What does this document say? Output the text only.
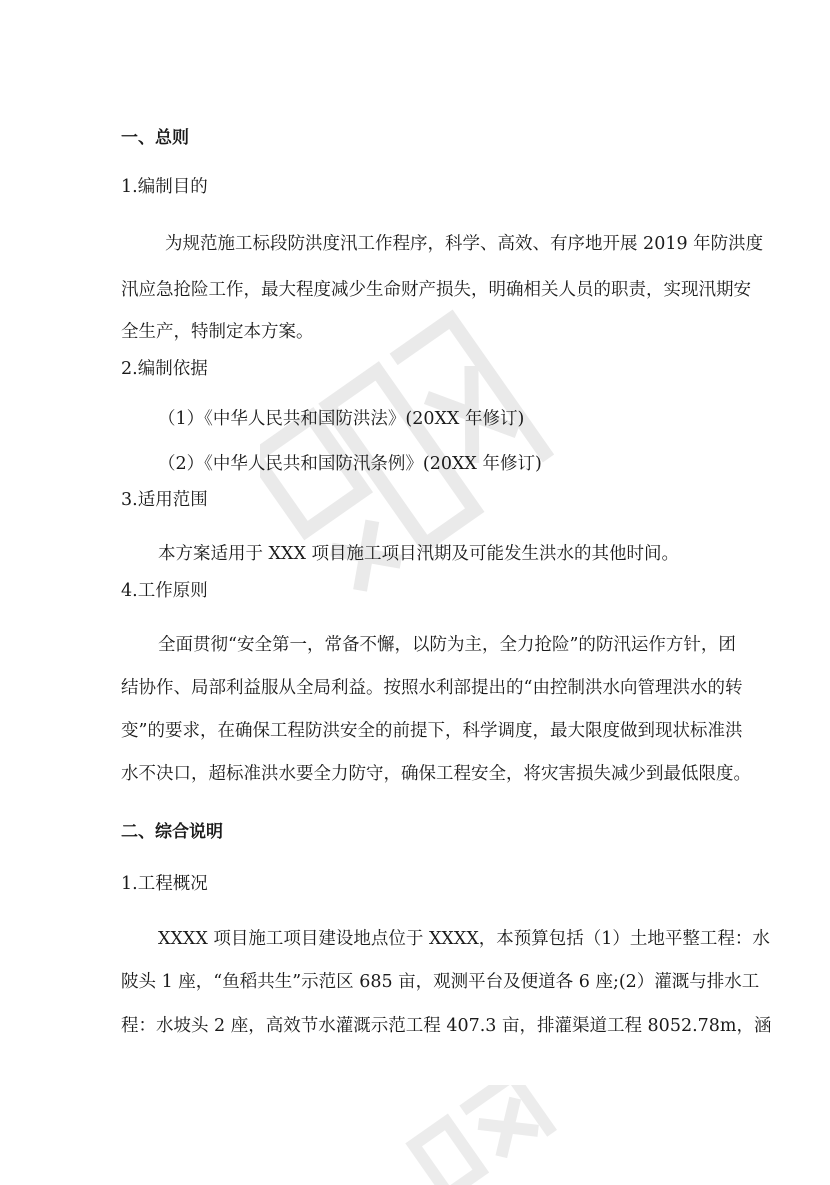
一、总则
1.编制目的
为规范施工标段防洪度汛工作程序，科学、高效、有序地开展 2019 年防洪度
汛应急抢险工作，最大程度减少生命财产损失，明确相关人员的职责，实现汛期安
全生产，特制定本方案。
2.编制依据
（1）《中华人民共和国防洪法》(20XX 年修订)
（2）《中华人民共和国防汛条例》(20XX 年修订)
3.适用范围
本方案适用于 XXX 项目施工项目汛期及可能发生洪水的其他时间。
4.工作原则
全面贯彻“安全第一，常备不懈，以防为主，全力抢险”的防汛运作方针，团
结协作、局部利益服从全局利益。按照水利部提出的“由控制洪水向管理洪水的转
变”的要求，在确保工程防洪安全的前提下，科学调度，最大限度做到现状标准洪
水不决口，超标准洪水要全力防守，确保工程安全，将灾害损失减少到最低限度。
二、综合说明
1.工程概况
XXXX 项目施工项目建设地点位于 XXXX，本预算包括（1）土地平整工程：水
陂头 1 座，“鱼稻共生”示范区 685 亩，观测平台及便道各 6 座;(2）灌溉与排水工
程：水坡头 2 座，高效节水灌溉示范工程 407.3 亩，排灌渠道工程 8052.78m，涵
